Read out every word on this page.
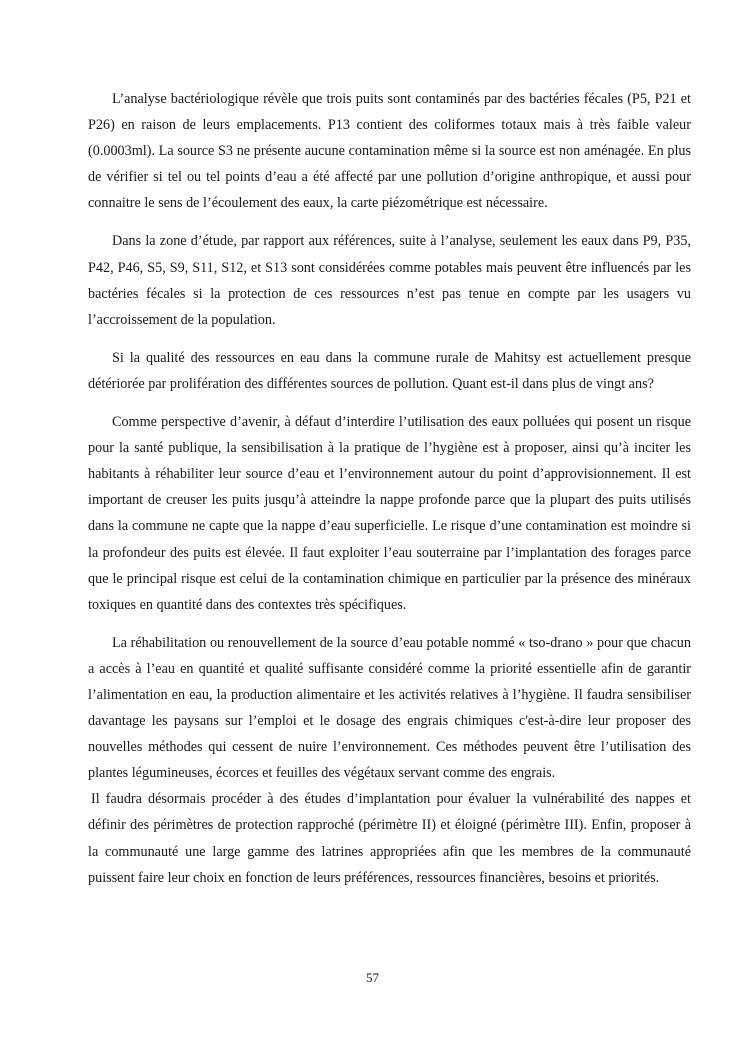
L’analyse bactériologique révèle que trois puits sont contaminés par des bactéries fécales (P5, P21 et P26) en raison de leurs emplacements. P13 contient des coliformes totaux mais à très faible valeur (0.0003ml). La source S3 ne présente aucune contamination même si la source est non aménagée. En plus de vérifier si tel ou tel points d’eau a été affecté par une pollution d’origine anthropique, et aussi pour connaitre le sens de l’écoulement des eaux, la carte piézométrique est nécessaire.

Dans la zone d’étude, par rapport aux références, suite à l’analyse, seulement les eaux dans P9, P35, P42, P46, S5, S9, S11, S12, et S13 sont considérées comme potables mais peuvent être influencés par les bactéries fécales si la protection de ces ressources n’est pas tenue en compte par les usagers vu l’accroissement de la population.

Si la qualité des ressources en eau dans la commune rurale de Mahitsy est actuellement presque détériorée par prolifération des différentes sources de pollution. Quant est-il dans plus de vingt ans?

Comme perspective d’avenir, à défaut d’interdire l’utilisation des eaux polluées qui posent un risque pour la santé publique, la sensibilisation à la pratique de l’hygiène est à proposer, ainsi qu’à inciter les habitants à réhabiliter leur source d’eau et l’environnement autour du point d’approvisionnement. Il est important de creuser les puits jusqu’à atteindre la nappe profonde parce que la plupart des puits utilisés dans la commune ne capte que la nappe d’eau superficielle. Le risque d’une contamination est moindre si la profondeur des puits est élevée. Il faut exploiter l’eau souterraine par l’implantation des forages parce que le principal risque est celui de la contamination chimique en particulier par la présence des minéraux toxiques en quantité dans des contextes très spécifiques.

La réhabilitation ou renouvellement de la source d’eau potable nommé « tso-drano » pour que chacun a accès à l’eau en quantité et qualité suffisante considéré comme la priorité essentielle afin de garantir l’alimentation en eau, la production alimentaire et les activités relatives à l’hygiène. Il faudra sensibiliser davantage les paysans sur l’emploi et le dosage des engrais chimiques c'est-à-dire leur proposer des nouvelles méthodes qui cessent de nuire l’environnement. Ces méthodes peuvent être l’utilisation des plantes légumineuses, écorces et feuilles des végétaux servant comme des engrais.

Il faudra désormais procéder à des études d’implantation pour évaluer la vulnérabilité des nappes et définir des périmètres de protection rapproché (périmètre II) et éloigné (périmètre III). Enfin, proposer à la communauté une large gamme des latrines appropriées afin que les membres de la communauté puissent faire leur choix en fonction de leurs préférences, ressources financières, besoins et priorités.

57
